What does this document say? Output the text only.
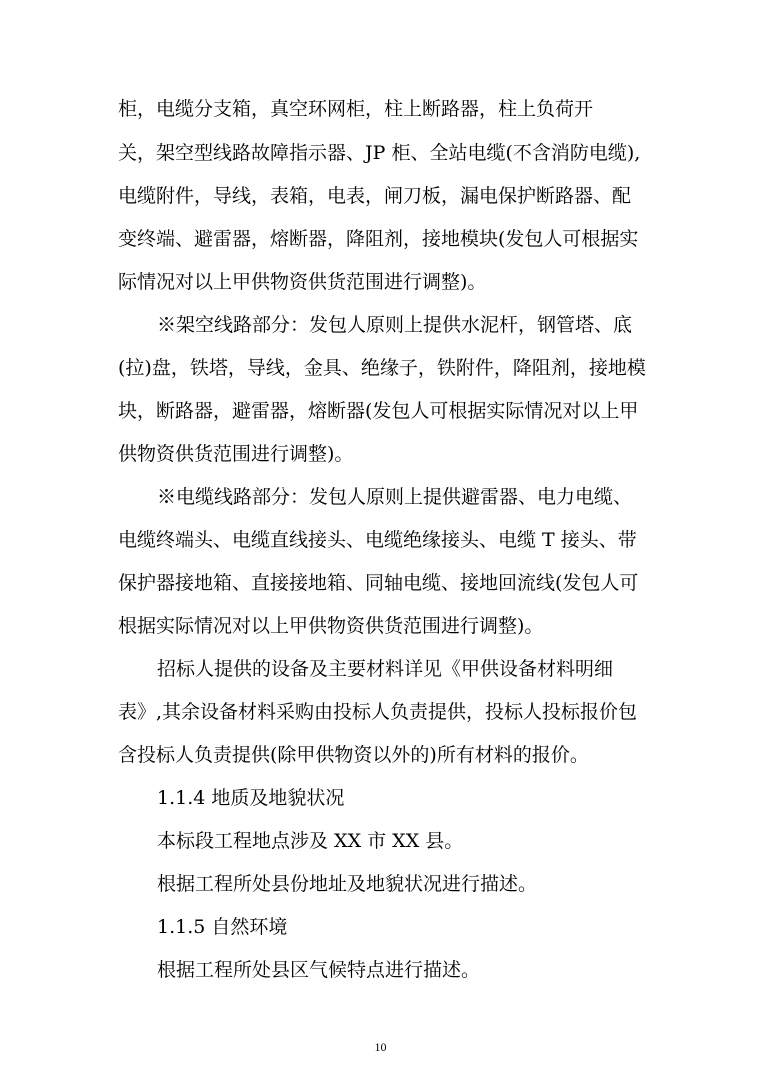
柜，电缆分支箱，真空环网柜，柱上断路器，柱上负荷开
关，架空型线路故障指示器、JP 柜、全站电缆(不含消防电缆),
电缆附件，导线，表箱，电表，闸刀板，漏电保护断路器、配
变终端、避雷器，熔断器，降阻剂，接地模块(发包人可根据实
际情况对以上甲供物资供货范围进行调整)。
※架空线路部分：发包人原则上提供水泥杆，钢管塔、底
(拉)盘，铁塔，导线，金具、绝缘子，铁附件，降阻剂，接地模
块，断路器，避雷器，熔断器(发包人可根据实际情况对以上甲
供物资供货范围进行调整)。
※电缆线路部分：发包人原则上提供避雷器、电力电缆、
电缆终端头、电缆直线接头、电缆绝缘接头、电缆 T 接头、带
保护器接地箱、直接接地箱、同轴电缆、接地回流线(发包人可
根据实际情况对以上甲供物资供货范围进行调整)。
招标人提供的设备及主要材料详见《甲供设备材料明细
表》,其余设备材料采购由投标人负责提供，投标人投标报价包
含投标人负责提供(除甲供物资以外的)所有材料的报价。
1.1.4 地质及地貌状况
本标段工程地点涉及 XX 市 XX 县。
根据工程所处县份地址及地貌状况进行描述。
1.1.5 自然环境
根据工程所处县区气候特点进行描述。
10
